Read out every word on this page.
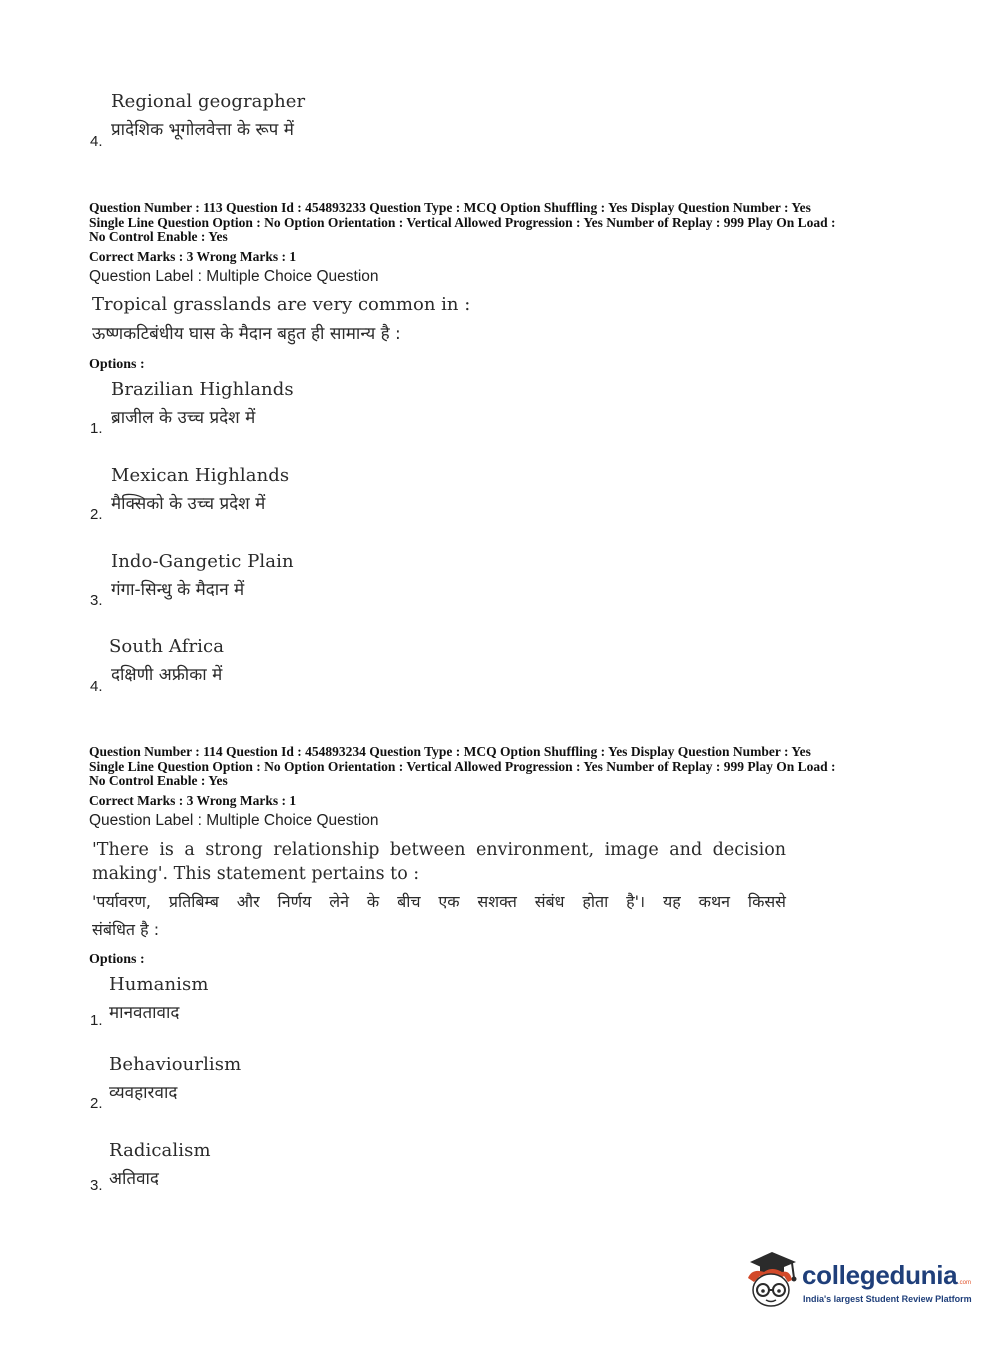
Regional geographer
प्रादेशिक भूगोलवेत्ता के रूप में
4.
Question Number : 113 Question Id : 454893233 Question Type : MCQ Option Shuffling : Yes Display Question Number : Yes
Single Line Question Option : No Option Orientation : Vertical Allowed Progression : Yes Number of Replay : 999 Play On Load :
No Control Enable : Yes
Correct Marks : 3 Wrong Marks : 1
Question Label : Multiple Choice Question
Tropical grasslands are very common in :
ऊष्णकटिबंधीय घास के मैदान बहुत ही सामान्य है :
Options :
Brazilian Highlands
ब्राजील के उच्च प्रदेश में
1.
Mexican Highlands
मैक्सिको के उच्च प्रदेश में
2.
Indo-Gangetic Plain
गंगा-सिन्धु के मैदान में
3.
South Africa
दक्षिणी अफ्रीका में
4.
Question Number : 114 Question Id : 454893234 Question Type : MCQ Option Shuffling : Yes Display Question Number : Yes
Single Line Question Option : No Option Orientation : Vertical Allowed Progression : Yes Number of Replay : 999 Play On Load :
No Control Enable : Yes
Correct Marks : 3 Wrong Marks : 1
Question Label : Multiple Choice Question
'There is a strong relationship between environment, image and decision
making'. This statement pertains to :
'पर्यावरण, प्रतिबिम्ब और निर्णय लेने के बीच एक सशक्त संबंध होता है'। यह कथन किससे
संबंधित है :
Options :
Humanism
मानवतावाद
1.
Behaviourlism
व्यवहारवाद
2.
Radicalism
अतिवाद
3.
collegedunia .com
India's largest Student Review Platform
